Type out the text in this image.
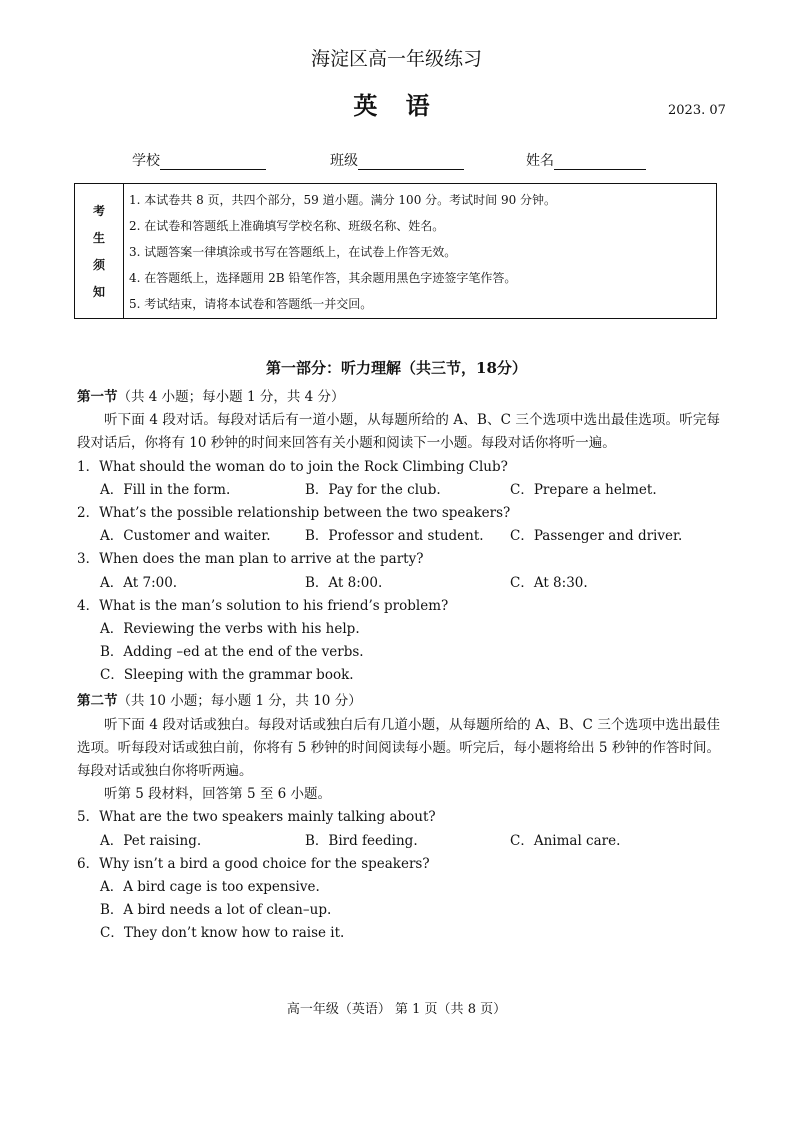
海淀区高一年级练习
英 语	2023. 07
学校	班级	姓名
考
生
须
知
1. 本试卷共 8 页，共四个部分，59 道小题。满分 100 分。考试时间 90 分钟。
2. 在试卷和答题纸上准确填写学校名称、班级名称、姓名。
3. 试题答案一律填涂或书写在答题纸上，在试卷上作答无效。
4. 在答题纸上，选择题用 2B 铅笔作答，其余题用黑色字迹签字笔作答。
5. 考试结束，请将本试卷和答题纸一并交回。
第一部分：听力理解（共三节，18分）
第一节（共 4 小题；每小题 1 分，共 4 分）
听下面 4 段对话。每段对话后有一道小题，从每题所给的 A、B、C 三个选项中选出最佳选项。听完每段对话后，你将有 10 秒钟的时间来回答有关小题和阅读下一小题。每段对话你将听一遍。
1．What should the woman do to join the Rock Climbing Club?
A．Fill in the form.	B．Pay for the club.	C．Prepare a helmet.
2．What’s the possible relationship between the two speakers?
A．Customer and waiter.	B．Professor and student. C．Passenger and driver.
3．When does the man plan to arrive at the party?
A．At 7:00.	B．At 8:00.	C．At 8:30.
4．What is the man’s solution to his friend’s problem?
A．Reviewing the verbs with his help.
B．Adding –ed at the end of the verbs.
C．Sleeping with the grammar book.
第二节（共 10 小题；每小题 1 分，共 10 分）
听下面 4 段对话或独白。每段对话或独白后有几道小题，从每题所给的 A、B、C 三个选项中选出最佳选项。听每段对话或独白前，你将有 5 秒钟的时间阅读每小题。听完后，每小题将给出 5 秒钟的作答时间。每段对话或独白你将听两遍。
听第 5 段材料，回答第 5 至 6 小题。
5．What are the two speakers mainly talking about?
A．Pet raising.	B．Bird feeding.	C．Animal care.
6．Why isn’t a bird a good choice for the speakers?
A．A bird cage is too expensive.
B．A bird needs a lot of clean–up.
C．They don’t know how to raise it.
高一年级（英语） 第 1 页（共 8 页）
